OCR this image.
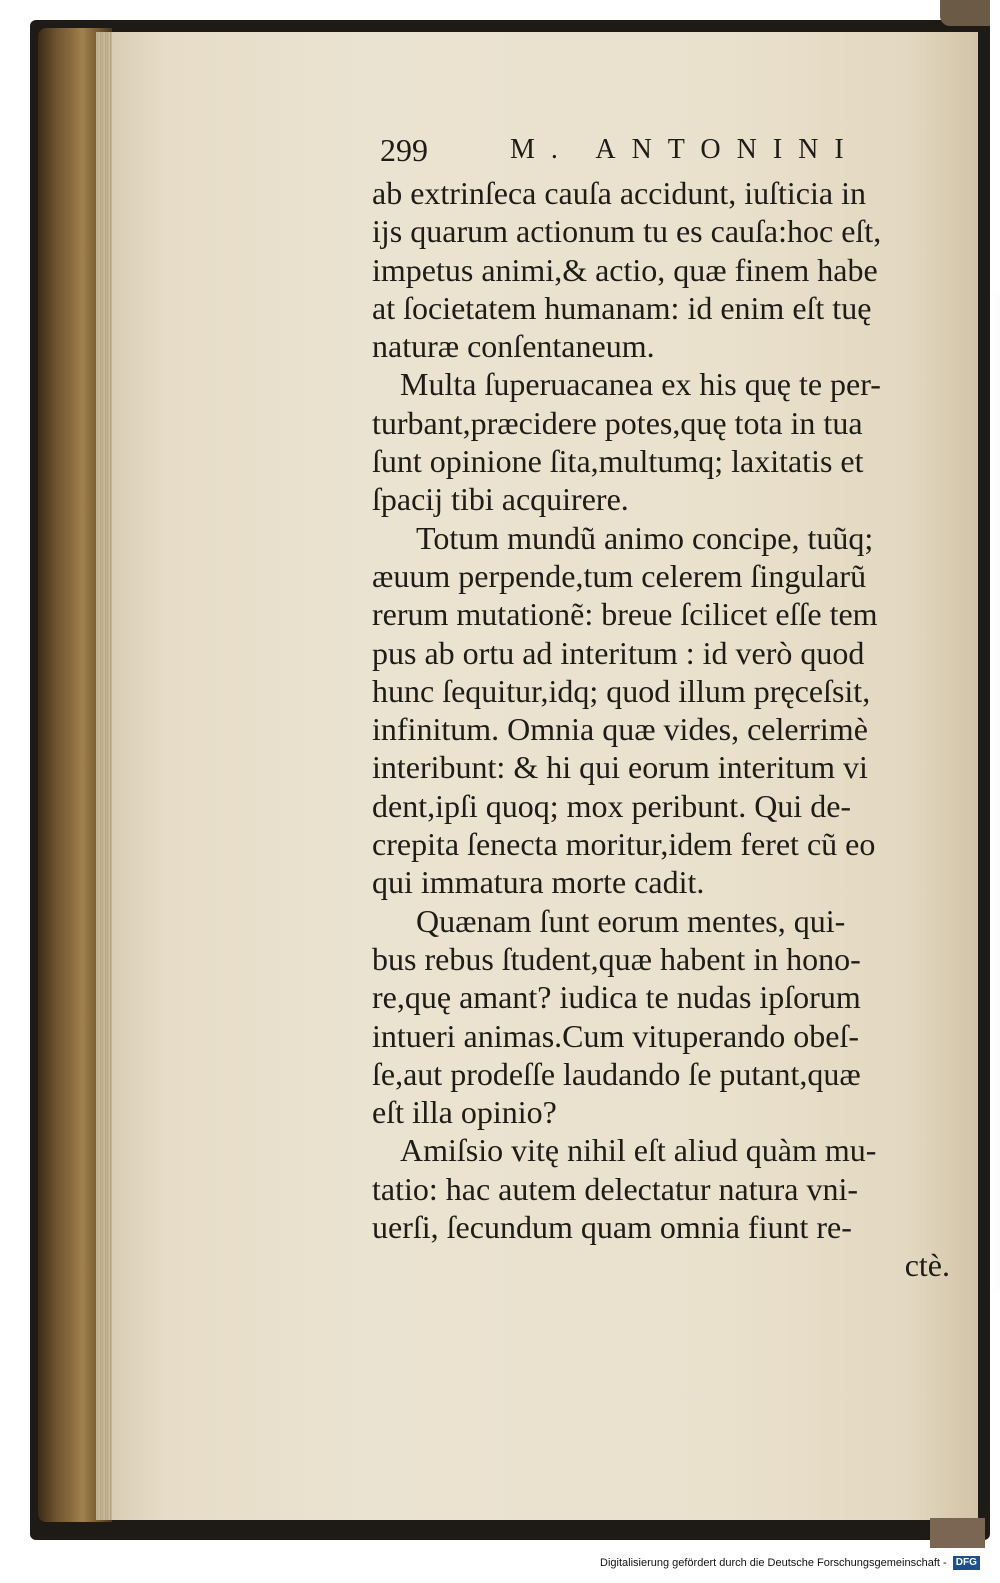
299	M. ANTONINI
ab extrinſeca cauſa accidunt, iuſticia in
ijs quarum actionum tu es cauſa:hoc eſt,
impetus animi,& actio, quæ finem habe
at ſocietatem humanam: id enim eſt tuę
naturæ conſentaneum.
Multa ſuperuacanea ex his quę te per-
turbant,præcidere potes,quę tota in tua
ſunt opinione ſita,multumq; laxitatis et
ſpacij tibi acquirere.
Totum mundũ animo concipe, tuũq;
æuum perpende,tum celerem ſingularũ
rerum mutationẽ: breue ſcilicet eſſe tem
pus ab ortu ad interitum : id verò quod
hunc ſequitur,idq; quod illum pręceſsit,
infinitum. Omnia quæ vides, celerrimè
interibunt: & hi qui eorum interitum vi
dent,ipſi quoq; mox peribunt. Qui de-
crepita ſenecta moritur,idem feret cũ eo
qui immatura morte cadit.
Quænam ſunt eorum mentes, qui-
bus rebus ſtudent,quæ habent in hono-
re,quę amant? iudica te nudas ipſorum
intueri animas.Cum vituperando obeſ-
ſe,aut prodeſſe laudando ſe putant,quæ
eſt illa opinio?
Amiſsio vitę nihil eſt aliud quàm mu-
tatio: hac autem delectatur natura vni-
uerſi, ſecundum quam omnia fiunt re-
ctè.
Digitalisierung gefördert durch die Deutsche Forschungsgemeinschaft - DFG
